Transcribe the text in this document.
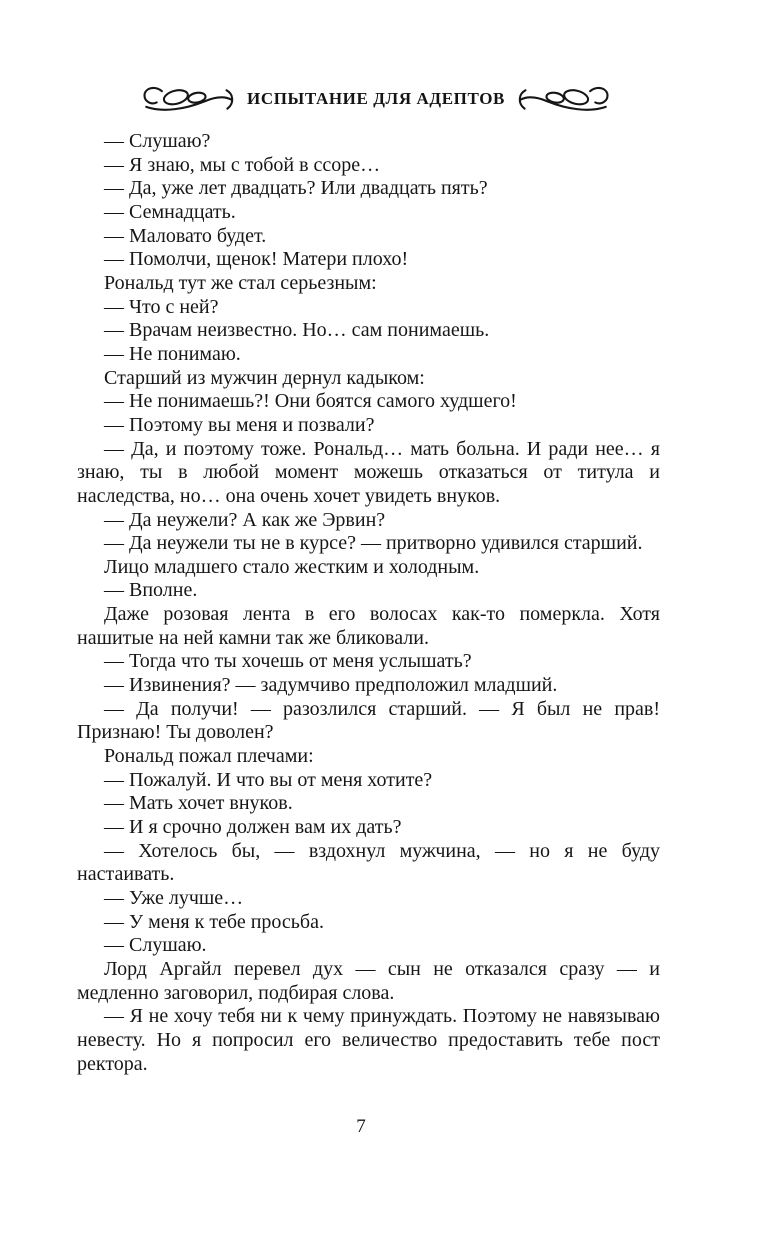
ИСПЫТАНИЕ ДЛЯ АДЕПТОВ

— Слушаю?

— Я знаю, мы с тобой в ссоре…

— Да, уже лет двадцать? Или двадцать пять?

— Семнадцать.

— Маловато будет.

— Помолчи, щенок! Матери плохо!

Рональд тут же стал серьезным:

— Что с ней?

— Врачам неизвестно. Но… сам понимаешь.

— Не понимаю.

Старший из мужчин дернул кадыком:

— Не понимаешь?! Они боятся самого худшего!

— Поэтому вы меня и позвали?

— Да, и поэтому тоже. Рональд… мать больна. И ради нее… я знаю, ты в любой момент можешь отказаться от титула и наследства, но… она очень хочет увидеть внуков.

— Да неужели? А как же Эрвин?

— Да неужели ты не в курсе? — притворно удивился старший.

Лицо младшего стало жестким и холодным.

— Вполне.

Даже розовая лента в его волосах как-то померкла. Хотя нашитые на ней камни так же бликовали.

— Тогда что ты хочешь от меня услышать?

— Извинения? — задумчиво предположил младший.

— Да получи! — разозлился старший. — Я был не прав! Признаю! Ты доволен?

Рональд пожал плечами:

— Пожалуй. И что вы от меня хотите?

— Мать хочет внуков.

— И я срочно должен вам их дать?

— Хотелось бы, — вздохнул мужчина, — но я не буду настаивать.

— Уже лучше…

— У меня к тебе просьба.

— Слушаю.

Лорд Аргайл перевел дух — сын не отказался сразу — и медленно заговорил, подбирая слова.

— Я не хочу тебя ни к чему принуждать. Поэтому не навязываю невесту. Но я попросил его величество предоставить тебе пост ректора.

7
